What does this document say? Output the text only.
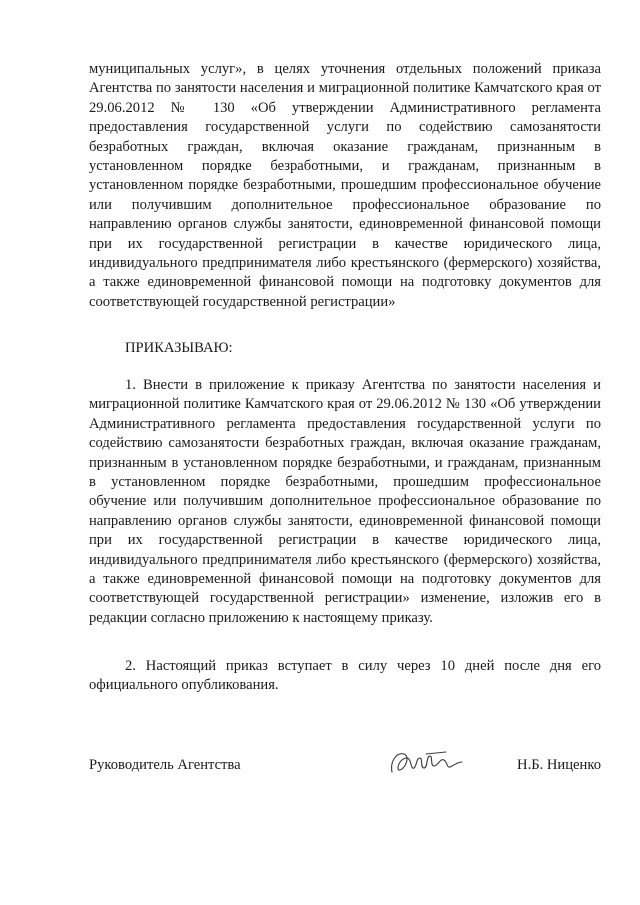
муниципальных услуг», в целях уточнения отдельных положений приказа Агентства по занятости населения и миграционной политике Камчатского края от 29.06.2012 № 130 «Об утверждении Административного регламента предоставления государственной услуги по содействию самозанятости безработных граждан, включая оказание гражданам, признанным в установленном порядке безработными, и гражданам, признанным в установленном порядке безработными, прошедшим профессиональное обучение или получившим дополнительное профессиональное образование по направлению органов службы занятости, единовременной финансовой помощи при их государственной регистрации в качестве юридического лица, индивидуального предпринимателя либо крестьянского (фермерского) хозяйства, а также единовременной финансовой помощи на подготовку документов для соответствующей государственной регистрации»

ПРИКАЗЫВАЮ:

1. Внести в приложение к приказу Агентства по занятости населения и миграционной политике Камчатского края от 29.06.2012 № 130 «Об утверждении Административного регламента предоставления государственной услуги по содействию самозанятости безработных граждан, включая оказание гражданам, признанным в установленном порядке безработными, и гражданам, признанным в установленном порядке безработными, прошедшим профессиональное обучение или получившим дополнительное профессиональное образование по направлению органов службы занятости, единовременной финансовой помощи при их государственной регистрации в качестве юридического лица, индивидуального предпринимателя либо крестьянского (фермерского) хозяйства, а также единовременной финансовой помощи на подготовку документов для соответствующей государственной регистрации» изменение, изложив его в редакции согласно приложению к настоящему приказу.

2. Настоящий приказ вступает в силу через 10 дней после дня его официального опубликования.

Руководитель Агентства	Н.Б. Ниценко
